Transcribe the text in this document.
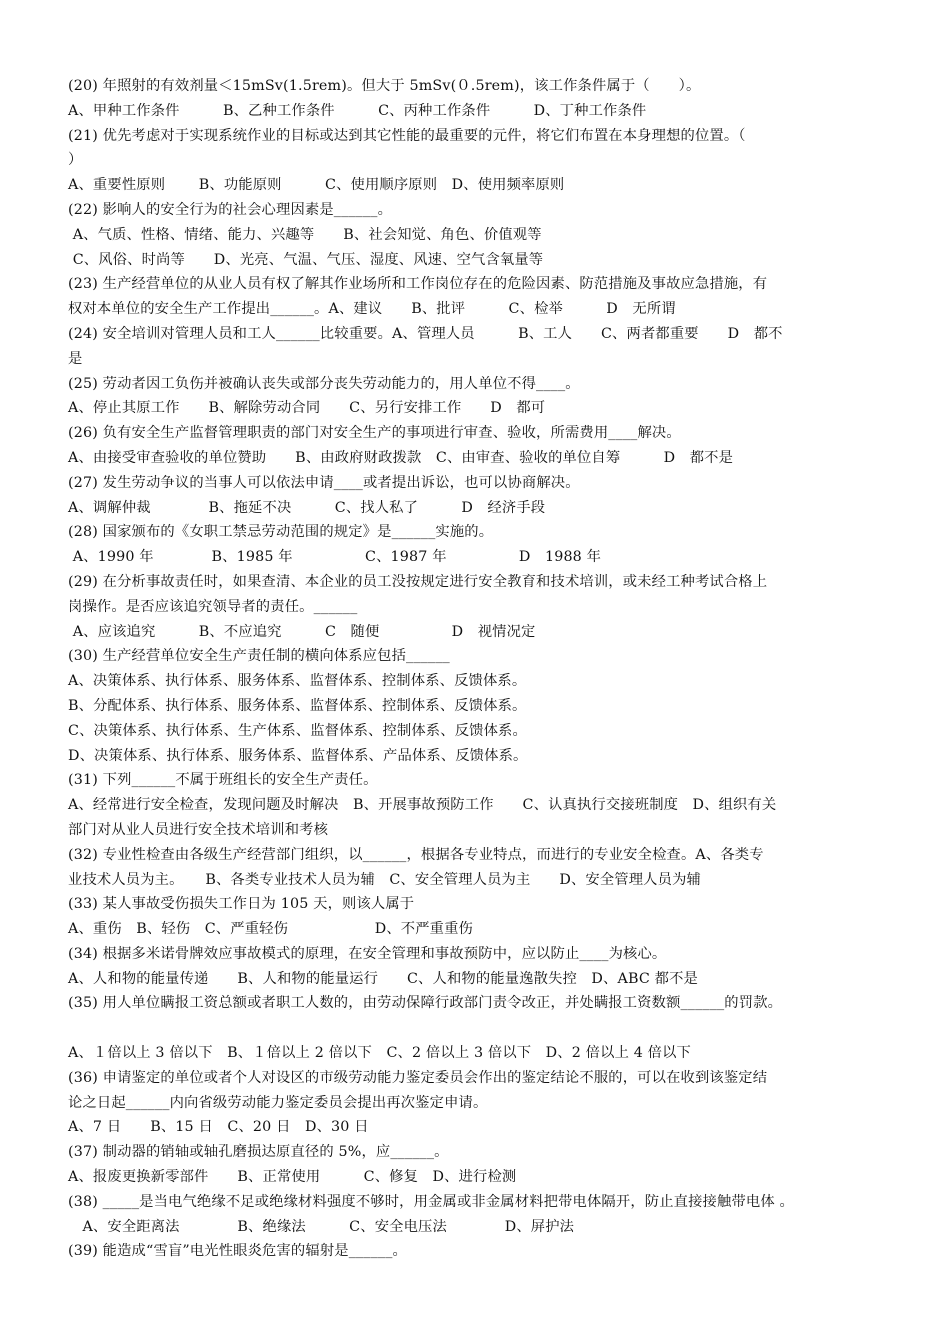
(20) 年照射的有效剂量＜15mSv(1.5rem)。但大于 5mSv(０.5rem)，该工作条件属于（　　）。
A、甲种工作条件　　　B、乙种工作条件　　　C、丙种工作条件　　　D、丁种工作条件
(21) 优先考虑对于实现系统作业的目标或达到其它性能的最重要的元件，将它们布置在本身理想的位置。（
）
A、重要性原则　　 B、功能原则　　　C、使用顺序原则　D、使用频率原则
(22) 影响人的安全行为的社会心理因素是______。
A、气质、性格、情绪、能力、兴趣等　　B、社会知觉、角色、价值观等
C、风俗、时尚等　　D、光亮、气温、气压、湿度、风速、空气含氧量等
(23) 生产经营单位的从业人员有权了解其作业场所和工作岗位存在的危险因素、防范措施及事故应急措施，有
权对本单位的安全生产工作提出______。A、建议　　B、批评　　　C、检举　　　D　无所谓
(24) 安全培训对管理人员和工人______比较重要。A、管理人员　　　B、工人　　C、两者都重要　　D　都不
是
(25) 劳动者因工负伤并被确认丧失或部分丧失劳动能力的，用人单位不得____。
A、停止其原工作　　B、解除劳动合同　　C、另行安排工作　　D　都可
(26) 负有安全生产监督管理职责的部门对安全生产的事项进行审查、验收，所需费用____解决。
A、由接受审查验收的单位赞助　　B、由政府财政拨款　C、由审查、验收的单位自筹　　　D　都不是
(27) 发生劳动争议的当事人可以依法申请____或者提出诉讼，也可以协商解决。
A、调解仲裁　　　　B、拖延不决　　　C、找人私了　　　D　经济手段
(28) 国家颁布的《女职工禁忌劳动范围的规定》是______实施的。
A、1990 年　　　　B、1985 年　　　　　C、1987 年　　　　　D　1988 年
(29) 在分析事故责任时，如果查清、本企业的员工没按规定进行安全教育和技术培训，或未经工种考试合格上
岗操作。是否应该追究领导者的责任。______
A、应该追究　　　B、不应追究　　　C　随便　　　　　D　视情况定
(30) 生产经营单位安全生产责任制的横向体系应包括______
A、决策体系、执行体系、服务体系、监督体系、控制体系、反馈体系。
B、分配体系、执行体系、服务体系、监督体系、控制体系、反馈体系。
C、决策体系、执行体系、生产体系、监督体系、控制体系、反馈体系。
D、决策体系、执行体系、服务体系、监督体系、产品体系、反馈体系。
(31) 下列______不属于班组长的安全生产责任。
A、经常进行安全检查，发现问题及时解决　B、开展事故预防工作　　C、认真执行交接班制度　D、组织有关
部门对从业人员进行安全技术培训和考核
(32) 专业性检查由各级生产经营部门组织，以______，根据各专业特点，而进行的专业安全检查。A、各类专
业技术人员为主。　　B、各类专业技术人员为辅　C、安全管理人员为主　　D、安全管理人员为辅
(33) 某人事故受伤损失工作日为 105 天，则该人属于
A、重伤　B、轻伤　C、严重轻伤　　　　　　D、不严重重伤
(34) 根据多米诺骨牌效应事故模式的原理，在安全管理和事故预防中，应以防止____为核心。
A、人和物的能量传递　　B、人和物的能量运行　　C、人和物的能量逸散失控　D、ABC 都不是
(35) 用人单位瞒报工资总额或者职工人数的，由劳动保障行政部门责令改正，并处瞒报工资数额______的罚款。
A、１倍以上 3 倍以下　B、１倍以上 2 倍以下　C、2 倍以上 3 倍以下　D、2 倍以上 4 倍以下
(36) 申请鉴定的单位或者个人对设区的市级劳动能力鉴定委员会作出的鉴定结论不服的，可以在收到该鉴定结
论之日起______内向省级劳动能力鉴定委员会提出再次鉴定申请。
A、7 日　　B、15 日　C、20 日　D、30 日
(37) 制动器的销轴或轴孔磨损达原直径的 5%，应______。
A、报废更换新零部件　　B、正常使用　　　C、修复　D、进行检测
(38) _____是当电气绝缘不足或绝缘材料强度不够时，用金属或非金属材料把带电体隔开，防止直接接触带电体 。
　A、安全距离法　　　　B、绝缘法　　　C、安全电压法　　　　D、屏护法
(39) 能造成“雪盲”电光性眼炎危害的辐射是______。
